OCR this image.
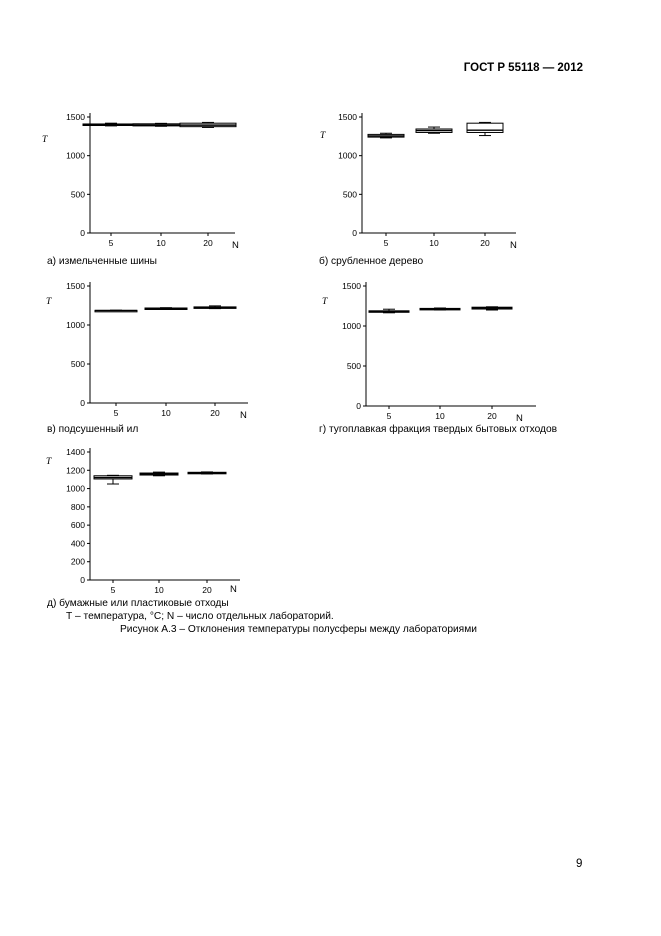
ГОСТ Р 55118 — 2012
0
500
1000
1500
5	10	20
T
N
а) измельченные шины
0
500
1000
1500
5	10	20
T
N
б) срубленное дерево
0
500
1000
1500
5	10	20
T
N
в) подсушенный ил
0
500
1000
1500
5	10	20
T
N
г) тугоплавкая фракция твердых бытовых отходов
0
200
400
600
800
1000
1200
1400
5	10	20
T
N
д) бумажные или пластиковые отходы
Т – температура, °С; N – число отдельных лабораторий.
Рисунок А.3 – Отклонения температуры полусферы между лабораториями
9
